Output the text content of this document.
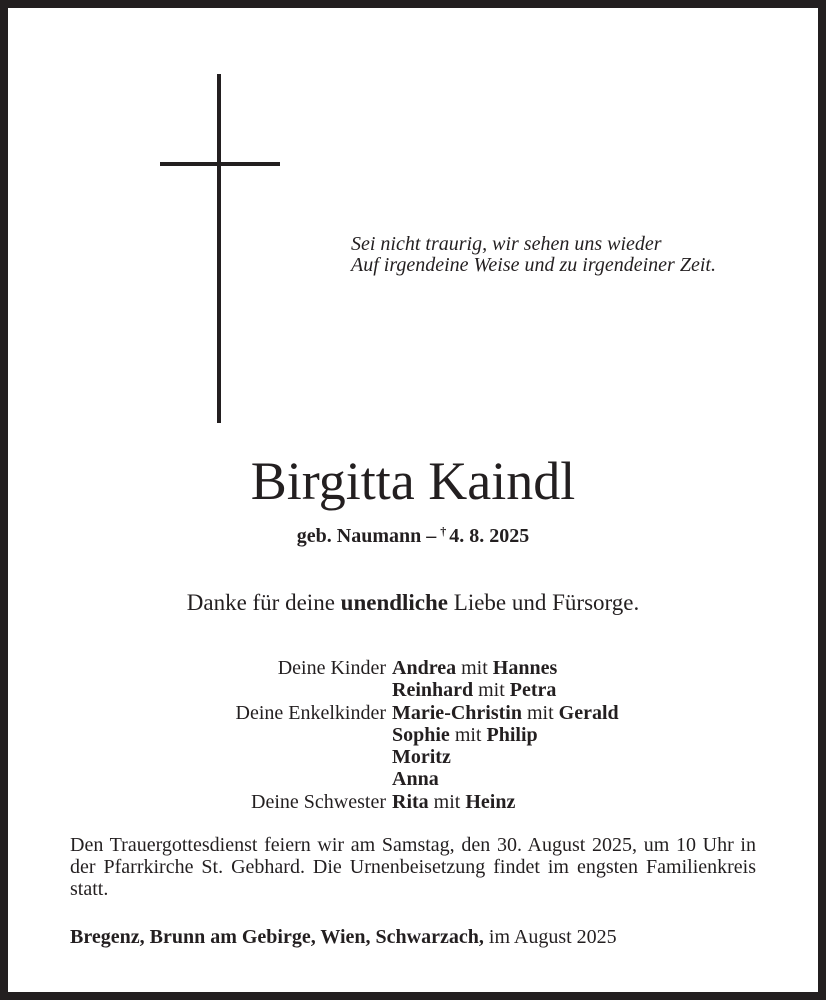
Sei nicht traurig, wir sehen uns wieder
Auf irgendeine Weise und zu irgendeiner Zeit.
Birgitta Kaindl
geb. Naumann – † 4. 8. 2025
Danke für deine unendliche Liebe und Fürsorge.
Deine Kinder Andrea mit Hannes
Reinhard mit Petra
Deine Enkelkinder Marie-Christin mit Gerald
Sophie mit Philip
Moritz
Anna
Deine Schwester Rita mit Heinz
Den Trauergottesdienst feiern wir am Samstag, den 30. August 2025, um 10 Uhr in der Pfarrkirche St. Gebhard. Die Urnenbeisetzung findet im engsten Familienkreis statt.
Bregenz, Brunn am Gebirge, Wien, Schwarzach, im August 2025
